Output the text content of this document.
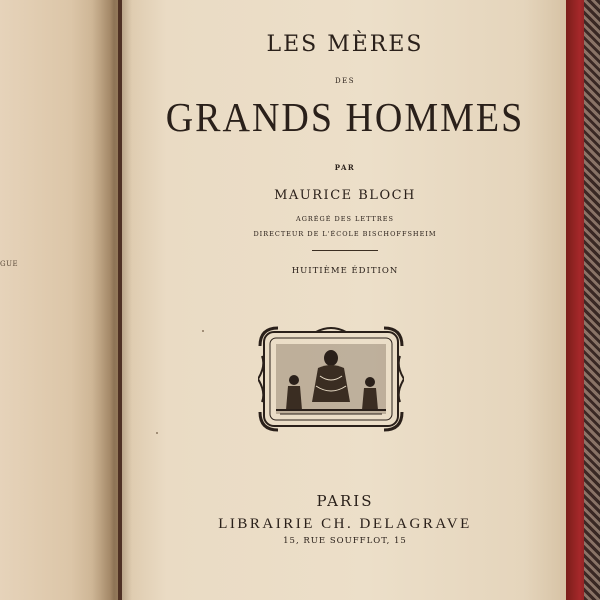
GUE
LES MÈRES
DES
GRANDS HOMMES
PAR
MAURICE BLOCH
AGRÉGÉ DES LETTRES
DIRECTEUR DE L'ÉCOLE BISCHOFFSHEIM
HUITIÈME ÉDITION
PARIS
LIBRAIRIE CH. DELAGRAVE
15, RUE SOUFFLOT, 15
